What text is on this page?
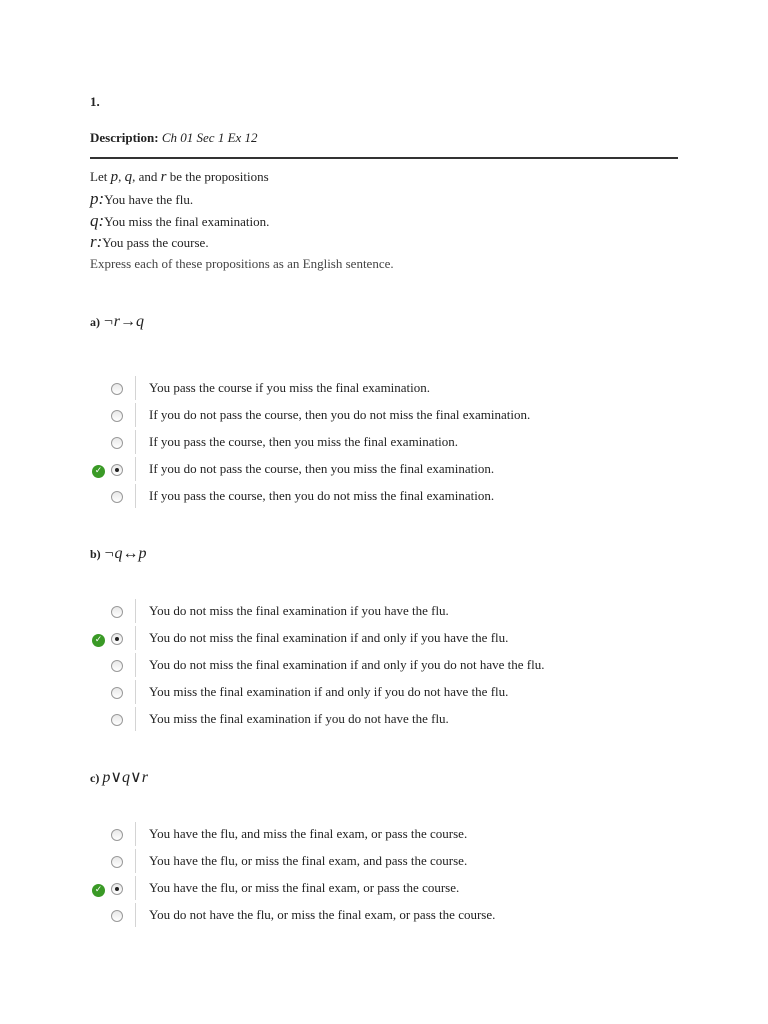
1.
Description: Ch 01 Sec 1 Ex 12
Let p, q, and r be the propositions
p:You have the flu.
q:You miss the final examination.
r:You pass the course.
Express each of these propositions as an English sentence.
a) ¬r→q
You pass the course if you miss the final examination.
If you do not pass the course, then you do not miss the final examination.
If you pass the course, then you miss the final examination.
✓	If you do not pass the course, then you miss the final examination.
If you pass the course, then you do not miss the final examination.
b) ¬q↔p
You do not miss the final examination if you have the flu.
✓	You do not miss the final examination if and only if you have the flu.
You do not miss the final examination if and only if you do not have the flu.
You miss the final examination if and only if you do not have the flu.
You miss the final examination if you do not have the flu.
c) p∨q∨r
You have the flu, and miss the final exam, or pass the course.
You have the flu, or miss the final exam, and pass the course.
✓	You have the flu, or miss the final exam, or pass the course.
You do not have the flu, or miss the final exam, or pass the course.
